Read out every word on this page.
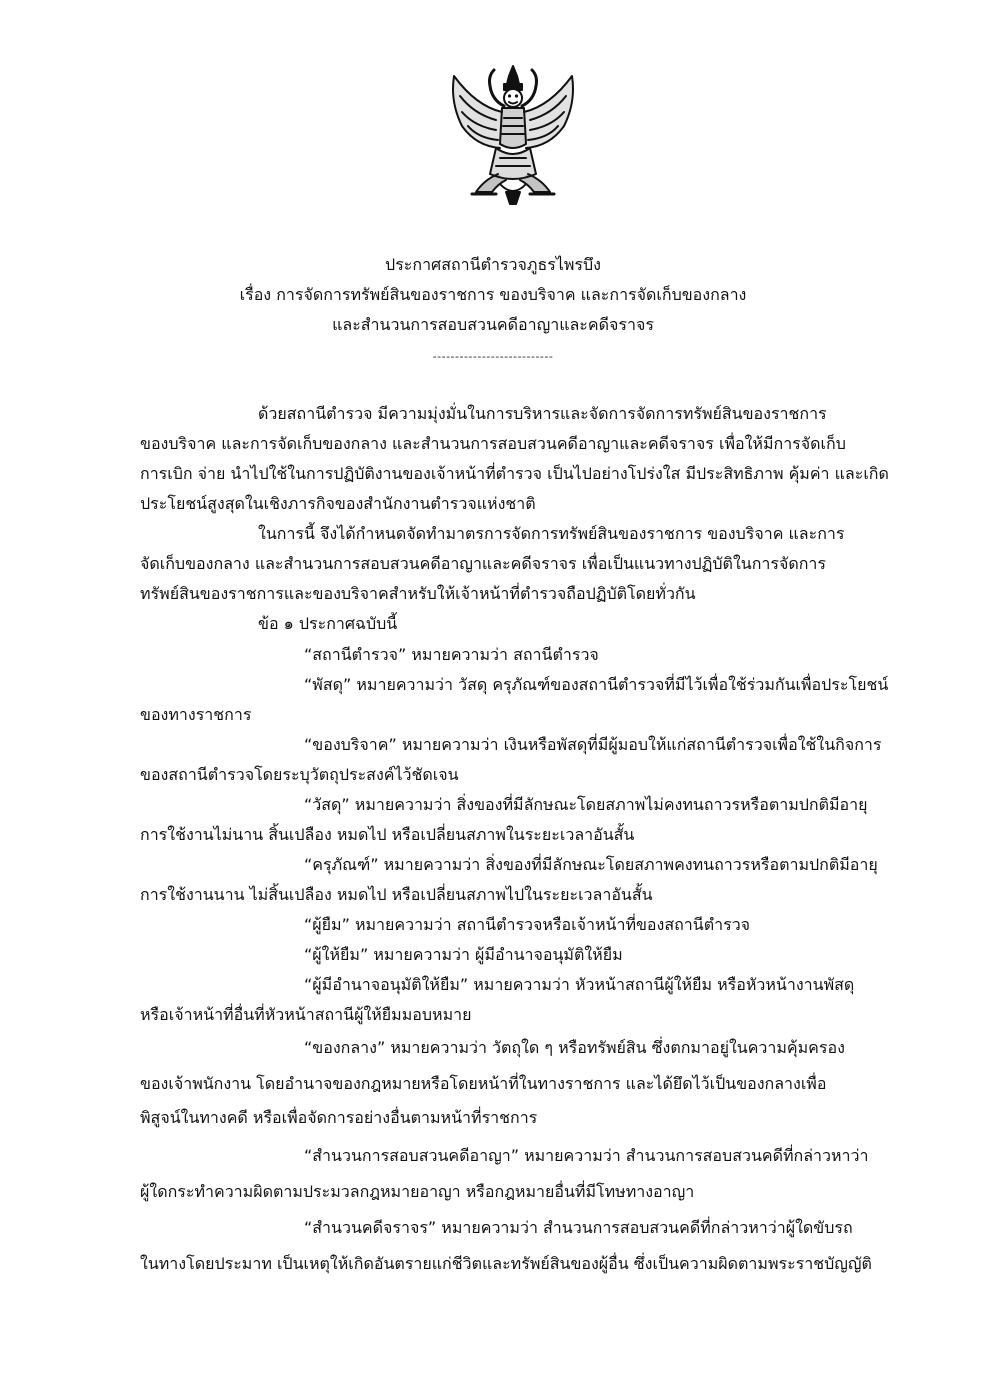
ประกาศสถานีตำรวจภูธรไพรบึง
เรื่อง การจัดการทรัพย์สินของราชการ ของบริจาค และการจัดเก็บของกลาง
และสำนวนการสอบสวนคดีอาญาและคดีจราจร
---------------------------
ด้วยสถานีตำรวจ มีความมุ่งมั่นในการบริหารและจัดการจัดการทรัพย์สินของราชการ
ของบริจาค และการจัดเก็บของกลาง และสำนวนการสอบสวนคดีอาญาและคดีจราจร เพื่อให้มีการจัดเก็บ
การเบิก จ่าย นำไปใช้ในการปฏิบัติงานของเจ้าหน้าที่ตำรวจ เป็นไปอย่างโปร่งใส มีประสิทธิภาพ คุ้มค่า และเกิด
ประโยชน์สูงสุดในเชิงภารกิจของสำนักงานตำรวจแห่งชาติ
ในการนี้ จึงได้กำหนดจัดทำมาตรการจัดการทรัพย์สินของราชการ ของบริจาค และการ
จัดเก็บของกลาง และสำนวนการสอบสวนคดีอาญาและคดีจราจร เพื่อเป็นแนวทางปฏิบัติในการจัดการ
ทรัพย์สินของราชการและของบริจาคสำหรับให้เจ้าหน้าที่ตำรวจถือปฏิบัติโดยทั่วกัน
ข้อ ๑ ประกาศฉบับนี้
“สถานีตำรวจ” หมายความว่า สถานีตำรวจ
“พัสดุ” หมายความว่า วัสดุ ครุภัณฑ์ของสถานีตำรวจที่มีไว้เพื่อใช้ร่วมกันเพื่อประโยชน์
ของทางราชการ
“ของบริจาค” หมายความว่า เงินหรือพัสดุที่มีผู้มอบให้แก่สถานีตำรวจเพื่อใช้ในกิจการ
ของสถานีตำรวจโดยระบุวัตถุประสงค์ไว้ชัดเจน
“วัสดุ” หมายความว่า สิ่งของที่มีลักษณะโดยสภาพไม่คงทนถาวรหรือตามปกติมีอายุ
การใช้งานไม่นาน สิ้นเปลือง หมดไป หรือเปลี่ยนสภาพในระยะเวลาอันสั้น
“ครุภัณฑ์” หมายความว่า สิ่งของที่มีลักษณะโดยสภาพคงทนถาวรหรือตามปกติมีอายุ
การใช้งานนาน ไม่สิ้นเปลือง หมดไป หรือเปลี่ยนสภาพไปในระยะเวลาอันสั้น
“ผู้ยืม” หมายความว่า สถานีตำรวจหรือเจ้าหน้าที่ของสถานีตำรวจ
“ผู้ให้ยืม” หมายความว่า ผู้มีอำนาจอนุมัติให้ยืม
“ผู้มีอำนาจอนุมัติให้ยืม” หมายความว่า หัวหน้าสถานีผู้ให้ยืม หรือหัวหน้างานพัสดุ
หรือเจ้าหน้าที่อื่นที่หัวหน้าสถานีผู้ให้ยืมมอบหมาย
“ของกลาง” หมายความว่า วัตถุใด ๆ หรือทรัพย์สิน ซึ่งตกมาอยู่ในความคุ้มครอง
ของเจ้าพนักงาน โดยอำนาจของกฎหมายหรือโดยหน้าที่ในทางราชการ และได้ยึดไว้เป็นของกลางเพื่อ
พิสูจน์ในทางคดี หรือเพื่อจัดการอย่างอื่นตามหน้าที่ราชการ
“สำนวนการสอบสวนคดีอาญา” หมายความว่า สำนวนการสอบสวนคดีที่กล่าวหาว่า
ผู้ใดกระทำความผิดตามประมวลกฎหมายอาญา หรือกฎหมายอื่นที่มีโทษทางอาญา
“สำนวนคดีจราจร” หมายความว่า สำนวนการสอบสวนคดีที่กล่าวหาว่าผู้ใดขับรถ
ในทางโดยประมาท เป็นเหตุให้เกิดอันตรายแก่ชีวิตและทรัพย์สินของผู้อื่น ซึ่งเป็นความผิดตามพระราชบัญญัติ
